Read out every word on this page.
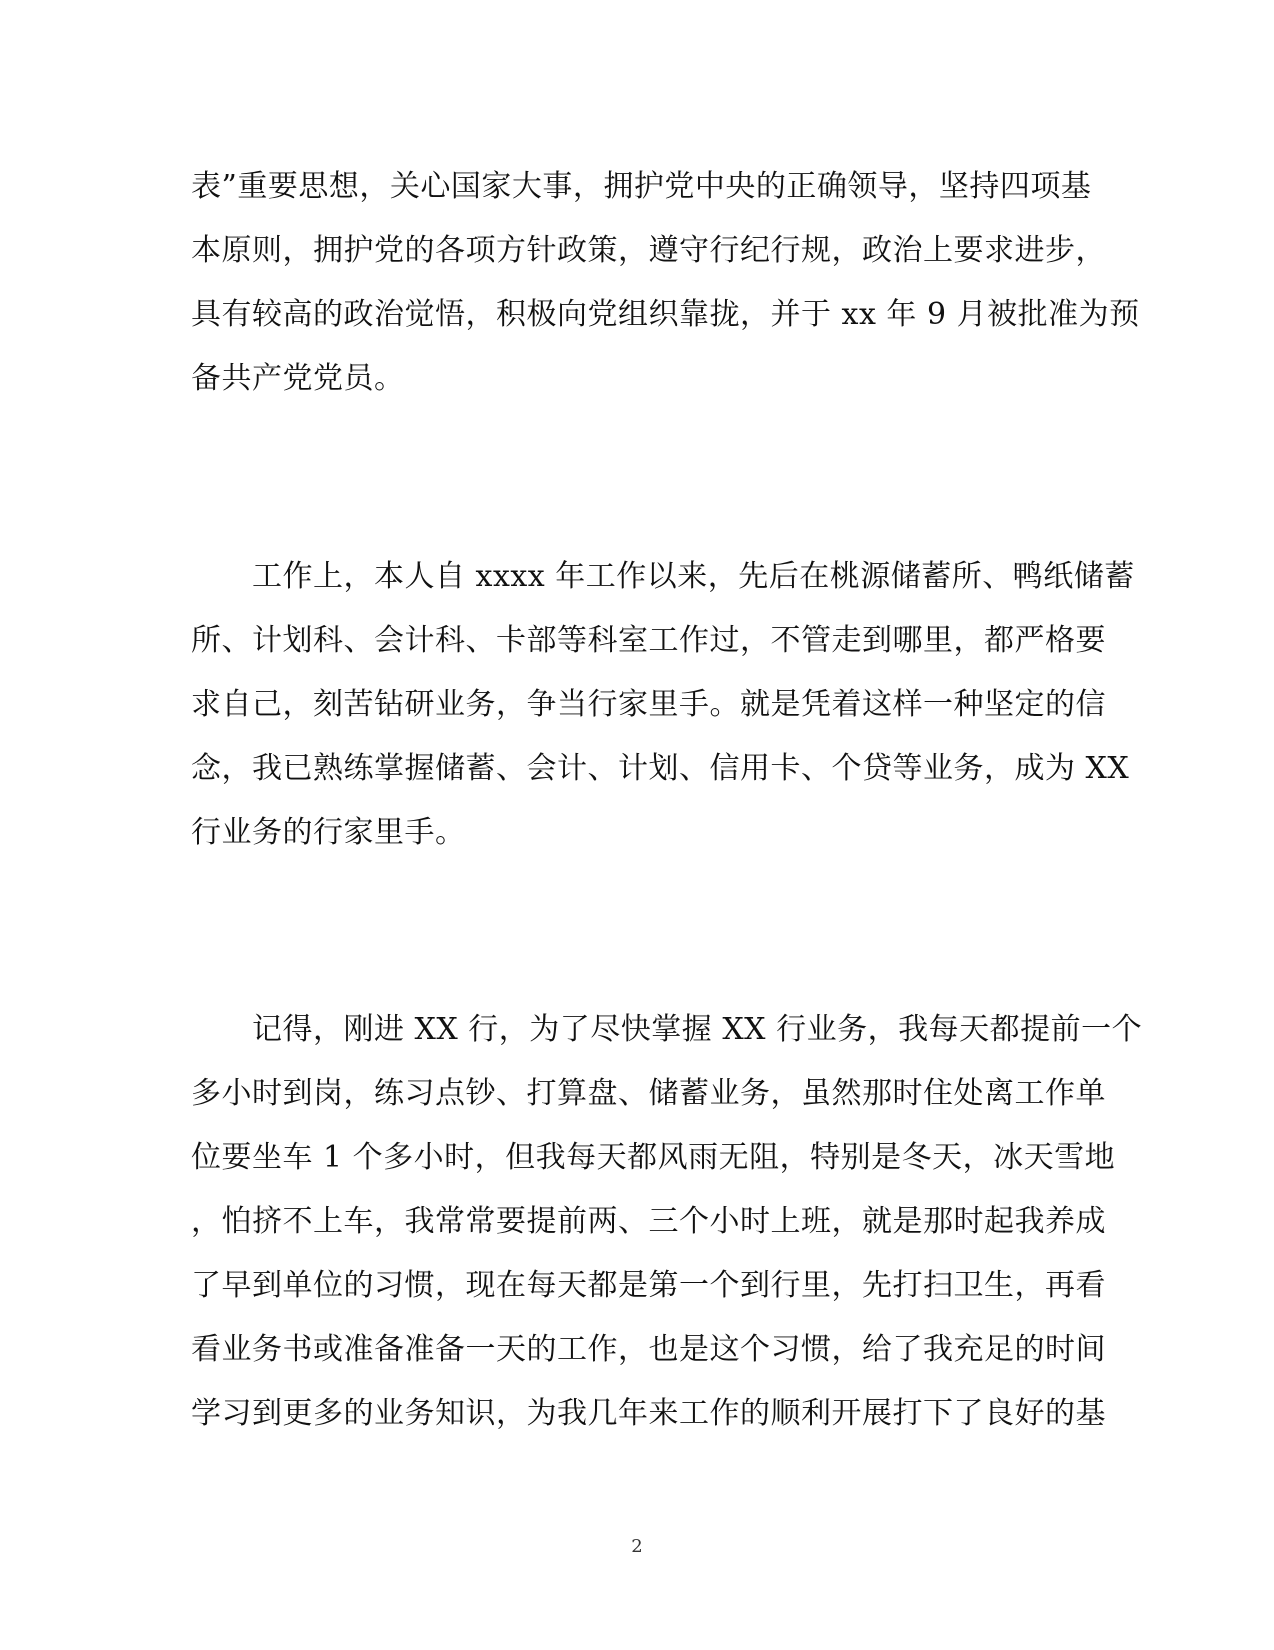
表”重要思想，关心国家大事，拥护党中央的正确领导，坚持四项基
本原则，拥护党的各项方针政策，遵守行纪行规，政治上要求进步，
具有较高的政治觉悟，积极向党组织靠拢，并于 xx 年 9 月被批准为预
备共产党党员。
　　工作上，本人自 xxxx 年工作以来，先后在桃源储蓄所、鸭纸储蓄
所、计划科、会计科、卡部等科室工作过，不管走到哪里，都严格要
求自己，刻苦钻研业务，争当行家里手。就是凭着这样一种坚定的信
念，我已熟练掌握储蓄、会计、计划、信用卡、个贷等业务，成为 XX
行业务的行家里手。
　　记得，刚进 XX 行，为了尽快掌握 XX 行业务，我每天都提前一个
多小时到岗，练习点钞、打算盘、储蓄业务，虽然那时住处离工作单
位要坐车 1 个多小时，但我每天都风雨无阻，特别是冬天，冰天雪地
，怕挤不上车，我常常要提前两、三个小时上班，就是那时起我养成
了早到单位的习惯，现在每天都是第一个到行里，先打扫卫生，再看
看业务书或准备准备一天的工作，也是这个习惯，给了我充足的时间
学习到更多的业务知识，为我几年来工作的顺利开展打下了良好的基
2
